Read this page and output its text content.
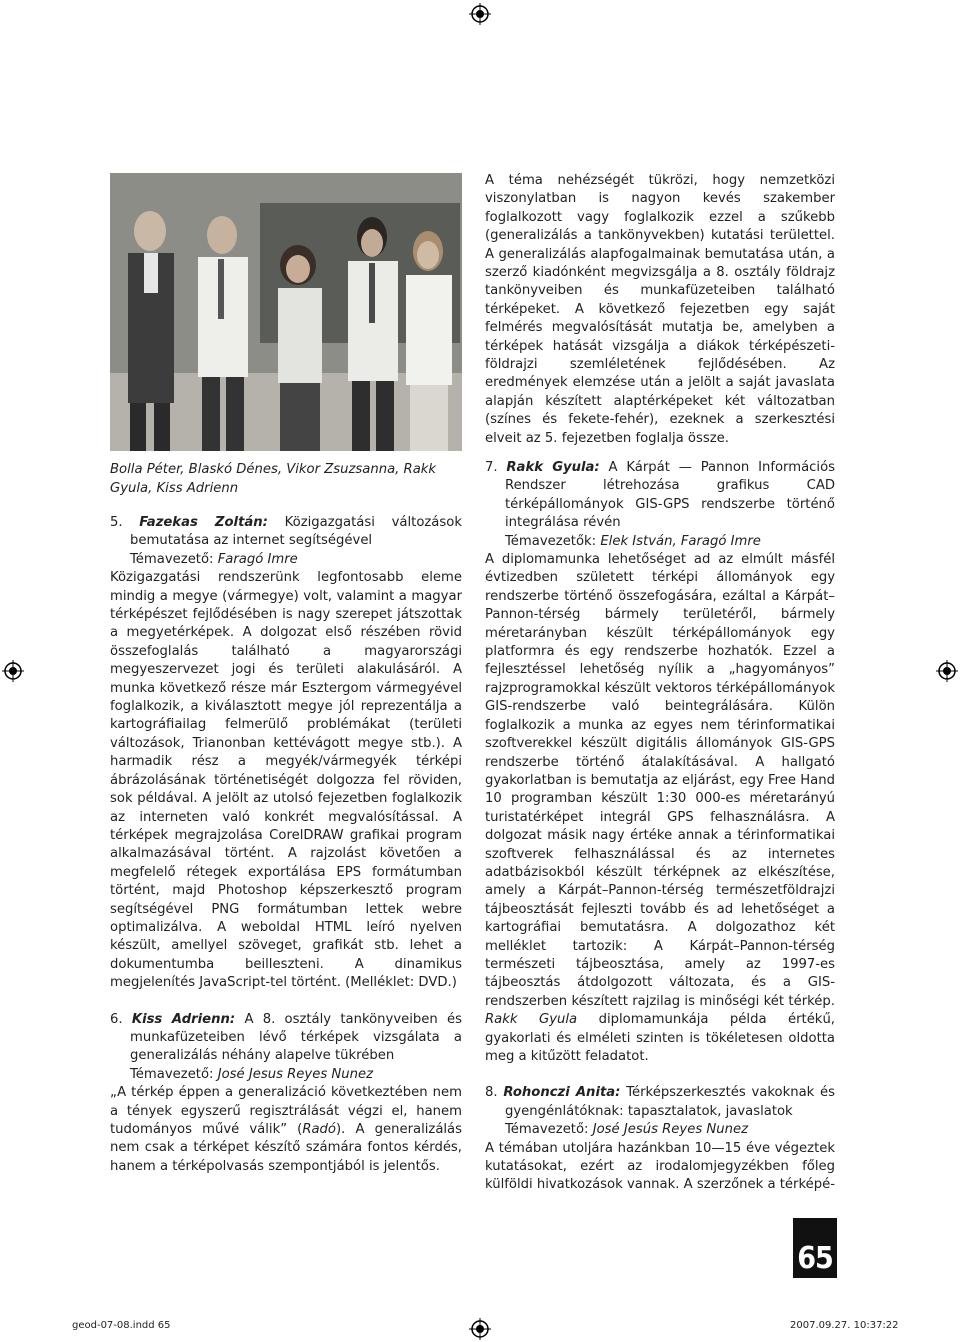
Bolla Péter, Blaskó Dénes, Vikor Zsuzsanna, Rakk Gyula, Kiss Adrienn

A téma nehézségét tükrözi, hogy nemzetközi viszonylatban is nagyon kevés szakember foglalkozott vagy foglalkozik ezzel a szűkebb (generalizálás a tankönyvekben) kutatási területtel. A generalizálás alapfogalmainak bemutatása után, a szerző kiadónként megvizsgálja a 8. osztály földrajz tankönyveiben és munkafüzeteiben található térképeket. A következő fejezetben egy saját felmérés megvalósítását mutatja be, amelyben a térképek hatását vizsgálja a diákok térképészeti-földrajzi szemléletének fejlődésében. Az eredmények elemzése után a jelölt a saját javaslata alapján készített alaptérképeket két változatban (színes és fekete-fehér), ezeknek a szerkesztési elveit az 5. fejezetben foglalja össze.

5. Fazekas Zoltán: Közigazgatási változások bemutatása az internet segítségével

Témavezető: Faragó Imre

Közigazgatási rendszerünk legfontosabb eleme mindig a megye (vármegye) volt, valamint a magyar térképészet fejlődésében is nagy szerepet játszottak a megyetérképek. A dolgozat első részében rövid összefoglalás található a magyarországi megyeszervezet jogi és területi alakulásáról. A munka következő része már Esztergom vármegyével foglalkozik, a kiválasztott megye jól reprezentálja a kartográfiailag felmerülő problémákat (területi változások, Trianonban kettévágott megye stb.). A harmadik rész a megyék/vármegyék térképi ábrázolásának történetiségét dolgozza fel röviden, sok példával. A jelölt az utolsó fejezetben foglalkozik az interneten való konkrét megvalósítással. A térképek megrajzolása CorelDRAW grafikai program alkalmazásával történt. A rajzolást követően a megfelelő rétegek exportálása EPS formátumban történt, majd Photoshop képszerkesztő program segítségével PNG formátumban lettek webre optimalizálva. A weboldal HTML leíró nyelven készült, amellyel szöveget, grafikát stb. lehet a dokumentumba beilleszteni. A dinamikus megjelenítés JavaScript-tel történt. (Melléklet: DVD.)

6. Kiss Adrienn: A 8. osztály tankönyveiben és munkafüzeteiben lévő térképek vizsgálata a generalizálás néhány alapelve tükrében

Témavezető: José Jesus Reyes Nunez

„A térkép éppen a generalizáció következtében nem a tények egyszerű regisztrálását végzi el, hanem tudományos művé válik” (Radó). A generalizálás nem csak a térképet készítő számára fontos kérdés, hanem a térképolvasás szempontjából is jelentős.

7. Rakk Gyula: A Kárpát — Pannon Információs Rendszer létrehozása grafikus CAD térképállományok GIS-GPS rendszerbe történő integrálása révén

Témavezetők: Elek István, Faragó Imre

A diplomamunka lehetőséget ad az elmúlt másfél évtizedben született térképi állományok egy rendszerbe történő összefogására, ezáltal a Kárpát–Pannon-térség bármely területéről, bármely méretarányban készült térképállományok egy platformra és egy rendszerbe hozhatók. Ezzel a fejlesztéssel lehetőség nyílik a „hagyományos” rajzprogramokkal készült vektoros térképállományok GIS-rendszerbe való beintegrálására. Külön foglalkozik a munka az egyes nem térinformatikai szoftverekkel készült digitális állományok GIS-GPS rendszerbe történő átalakításával. A hallgató gyakorlatban is bemutatja az eljárást, egy Free Hand 10 programban készült 1:30 000-es méretarányú turistatérképet integrál GPS felhasználásra. A dolgozat másik nagy értéke annak a térinformatikai szoftverek felhasználással és az internetes adatbázisokból készült térképnek az elkészítése, amely a Kárpát–Pannon-térség természetföldrajzi tájbeosztását fejleszti tovább és ad lehetőséget a kartográfiai bemutatásra. A dolgozathoz két melléklet tartozik: A Kárpát–Pannon-térség természeti tájbeosztása, amely az 1997-es tájbeosztás átdolgozott változata, és a GIS-rendszerben készített rajzilag is minőségi két térkép. Rakk Gyula diplomamunkája példa értékű, gyakorlati és elméleti szinten is tökéletesen oldotta meg a kitűzött feladatot.

8. Rohonczi Anita: Térképszerkesztés vakoknak és gyengénlátóknak: tapasztalatok, javaslatok

Témavezető: José Jesús Reyes Nunez

A témában utoljára hazánkban 10—15 éve végeztek kutatásokat, ezért az irodalomjegyzékben főleg külföldi hivatkozások vannak. A szerzőnek a térképé-

65
geod-07-08.indd 65	2007.09.27. 10:37:22
